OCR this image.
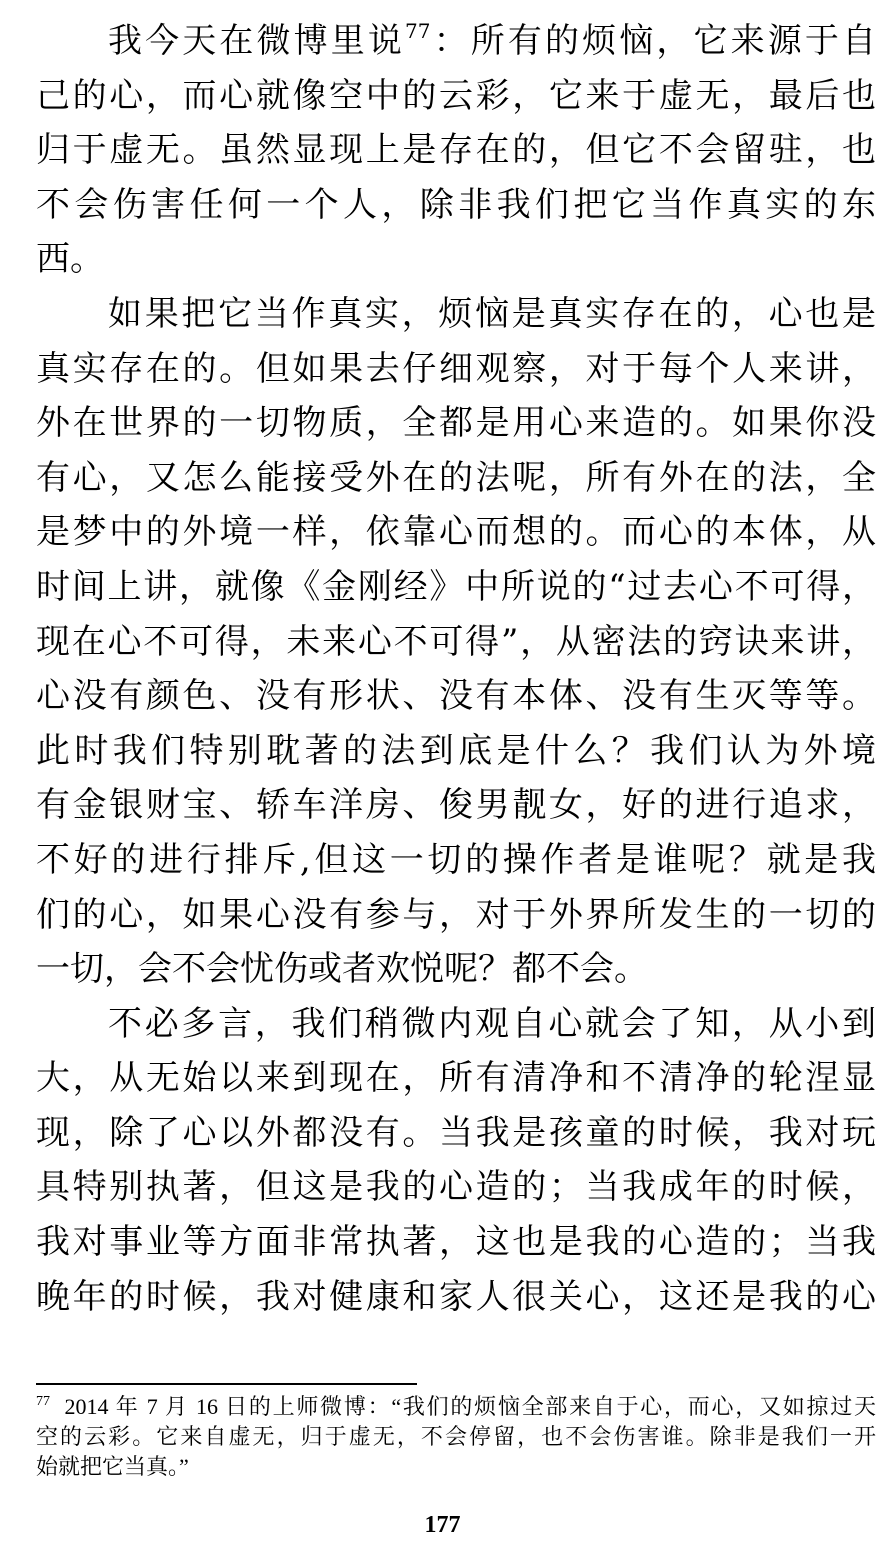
我今天在微博里说$^{77}$：所有的烦恼，它来源于自
己的心，而心就像空中的云彩，它来于虚无，最后也
归于虚无。虽然显现上是存在的，但它不会留驻，也
不会伤害任何一个人，除非我们把它当作真实的东
西。
如果把它当作真实，烦恼是真实存在的，心也是
真实存在的。但如果去仔细观察，对于每个人来讲，
外在世界的一切物质，全都是用心来造的。如果你没
有心，又怎么能接受外在的法呢，所有外在的法，全
是梦中的外境一样，依靠心而想的。而心的本体，从
时间上讲，就像《金刚经》中所说的“过去心不可得，
现在心不可得，未来心不可得”，从密法的窍诀来讲，
心没有颜色、没有形状、没有本体、没有生灭等等。
此时我们特别耽著的法到底是什么？我们认为外境
有金银财宝、轿车洋房、俊男靓女，好的进行追求，
不好的进行排斥,但这一切的操作者是谁呢？就是我
们的心，如果心没有参与，对于外界所发生的一切的
一切，会不会忧伤或者欢悦呢？都不会。
不必多言，我们稍微内观自心就会了知，从小到
大，从无始以来到现在，所有清净和不清净的轮涅显
现，除了心以外都没有。当我是孩童的时候，我对玩
具特别执著，但这是我的心造的；当我成年的时候，
我对事业等方面非常执著，这也是我的心造的；当我
晚年的时候，我对健康和家人很关心，这还是我的心
$^{77}$ 2014 年 7 月 16 日的上师微博：“我们的烦恼全部来自于心，而心，又如掠过天
空的云彩。它来自虚无，归于虚无，不会停留，也不会伤害谁。除非是我们一开
始就把它当真。”
177
